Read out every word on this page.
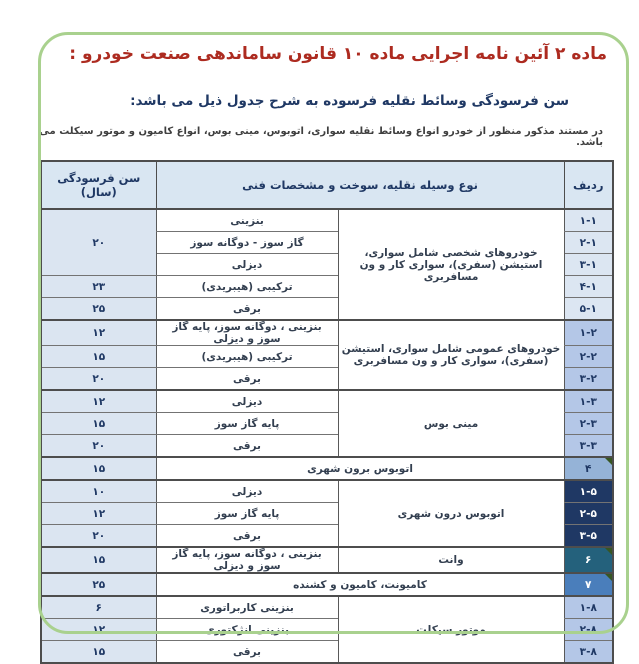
ماده ۲ آئین نامه اجرایی ماده ۱۰ قانون ساماندهی صنعت خودرو :
سن فرسودگی وسائط نقلیه فرسوده به شرح جدول ذیل می باشد:
در مستند مذکور منظور از خودرو انواع وسائط نقلیه سواری، اتوبوس، مینی بوس، انواع کامیون و موتور سیکلت می باشد.
ردیف	نوع وسیله نقلیه، سوخت و مشخصات فنی		سن فرسودگی (سال)
۱-۱	خودروهای شخصی شامل سواری، استیشن (سفری)، سواری کار و ون مسافربری	بنزینی	۲۰
۲-۱		گاز سوز - دوگانه سوز	
۳-۱		دیزلی	
۴-۱		ترکیبی (هیبریدی)	۲۳
۵-۱		برقی	۲۵
۱-۲	خودروهای عمومی شامل سواری، استیشن (سفری)، سواری کار و ون مسافربری	بنزینی ، دوگانه سوز، پایه گاز سوز و دیزلی	۱۲
۲-۲		ترکیبی (هیبریدی)	۱۵
۳-۲		برقی	۲۰
۱-۳	مینی بوس	دیزلی	۱۲
۲-۳		پایه گاز سوز	۱۵
۳-۳		برقی	۲۰
۴	اتوبوس برون شهری		۱۵
۱-۵	اتوبوس درون شهری	دیزلی	۱۰
۲-۵		پایه گاز سوز	۱۲
۳-۵		برقی	۲۰
۶	وانت	بنزینی ، دوگانه سوز، پایه گاز سوز و دیزلی	۱۵
۷	کامیونت، کامیون و کشنده		۲۵
۱-۸	موتور سیکلت	بنزینی کاربراتوری	۶
۲-۸		بنزینی انژکتوری	۱۲
۳-۸		برقی	۱۵
